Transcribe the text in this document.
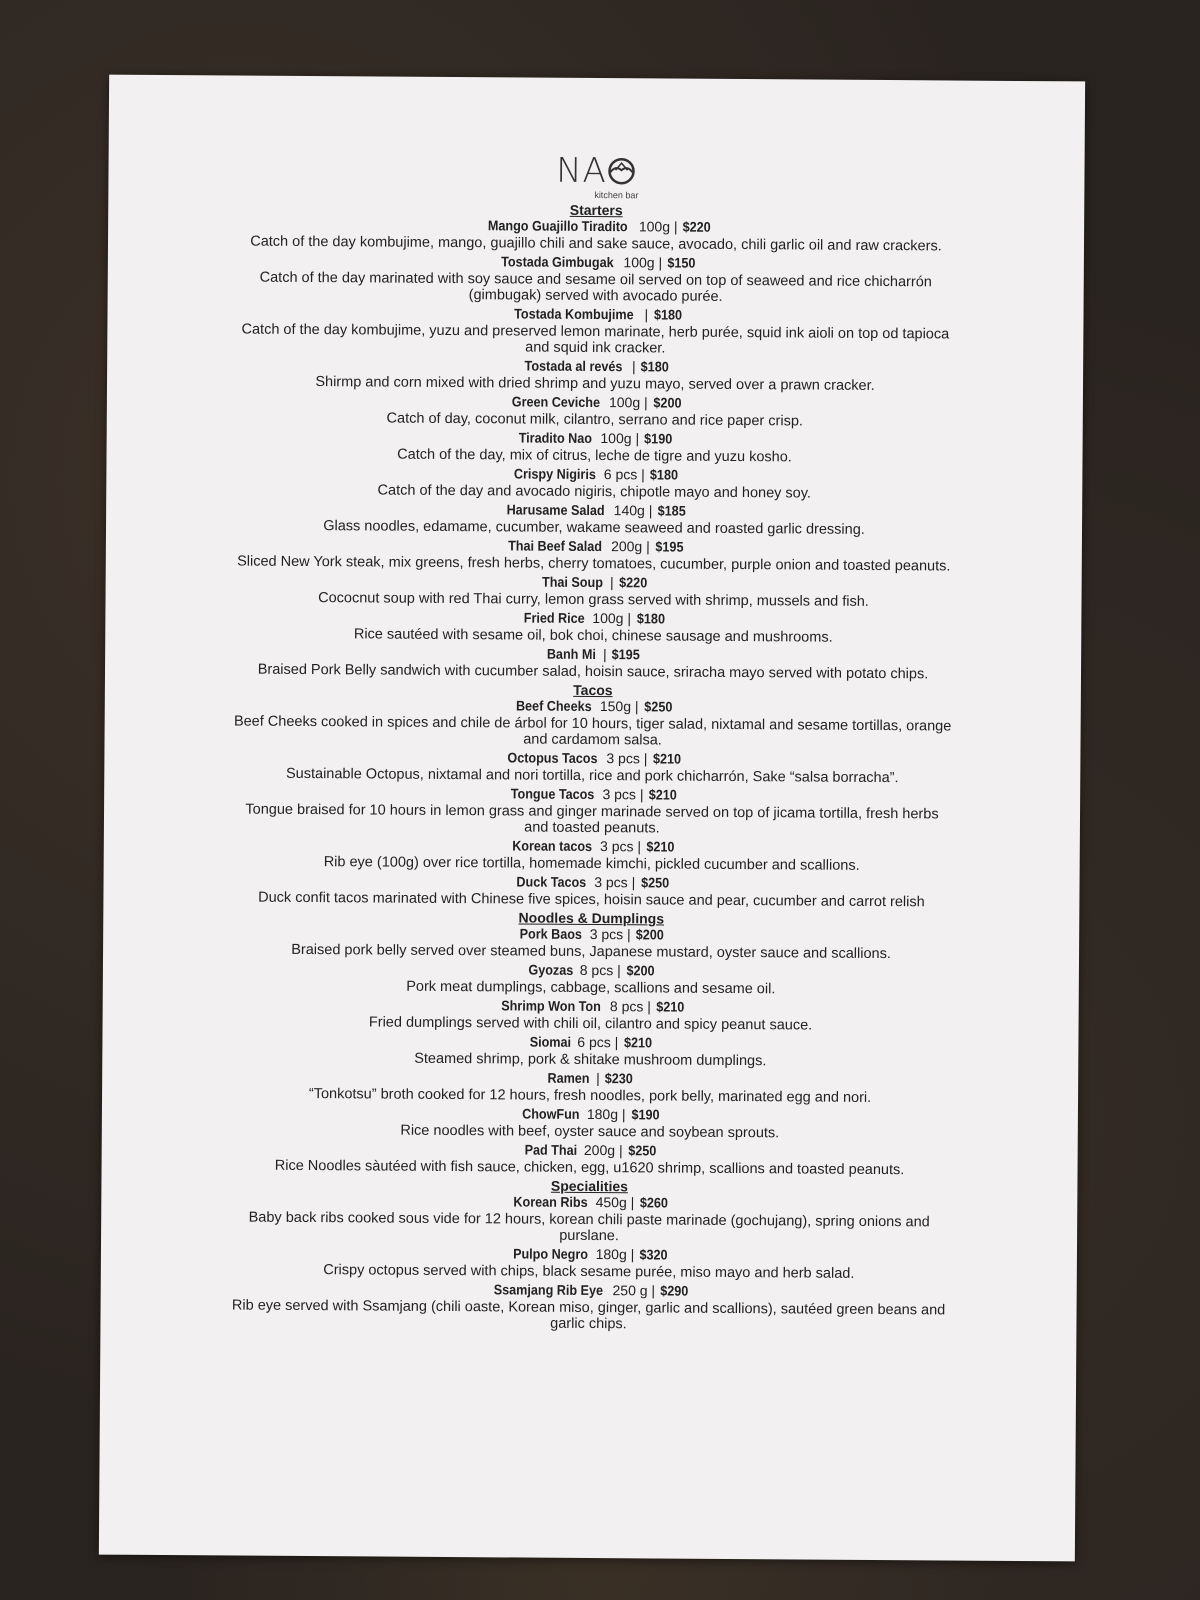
NA
kitchen bar
Starters
Mango Guajillo Tiradito 100g | $220
Catch of the day kombujime, mango, guajillo chili and sake sauce, avocado, chili garlic oil and raw crackers.
Tostada Gimbugak 100g | $150
Catch of the day marinated with soy sauce and sesame oil served on top of seaweed and rice chicharrón (gimbugak) served with avocado purée.
Tostada Kombujime | $180
Catch of the day kombujime, yuzu and preserved lemon marinate, herb purée, squid ink aioli on top od tapioca and squid ink cracker.
Tostada al revés | $180
Shirmp and corn mixed with dried shrimp and yuzu mayo, served over a prawn cracker.
Green Ceviche 100g | $200
Catch of day, coconut milk, cilantro, serrano and rice paper crisp.
Tiradito Nao 100g | $190
Catch of the day, mix of citrus, leche de tigre and yuzu kosho.
Crispy Nigiris 6 pcs | $180
Catch of the day and avocado nigiris, chipotle mayo and honey soy.
Harusame Salad 140g | $185
Glass noodles, edamame, cucumber, wakame seaweed and roasted garlic dressing.
Thai Beef Salad 200g | $195
Sliced New York steak, mix greens, fresh herbs, cherry tomatoes, cucumber, purple onion and toasted peanuts.
Thai Soup | $220
Cococnut soup with red Thai curry, lemon grass served with shrimp, mussels and fish.
Fried Rice 100g | $180
Rice sautéed with sesame oil, bok choi, chinese sausage and mushrooms.
Banh Mi | $195
Braised Pork Belly sandwich with cucumber salad, hoisin sauce, sriracha mayo served with potato chips.
Tacos
Beef Cheeks 150g | $250
Beef Cheeks cooked in spices and chile de árbol for 10 hours, tiger salad, nixtamal and sesame tortillas, orange and cardamom salsa.
Octopus Tacos 3 pcs | $210
Sustainable Octopus, nixtamal and nori tortilla, rice and pork chicharrón, Sake “salsa borracha”.
Tongue Tacos 3 pcs | $210
Tongue braised for 10 hours in lemon grass and ginger marinade served on top of jicama tortilla, fresh herbs and toasted peanuts.
Korean tacos 3 pcs | $210
Rib eye (100g) over rice tortilla, homemade kimchi, pickled cucumber and scallions.
Duck Tacos 3 pcs | $250
Duck confit tacos marinated with Chinese five spices, hoisin sauce and pear, cucumber and carrot relish
Noodles & Dumplings
Pork Baos 3 pcs | $200
Braised pork belly served over steamed buns, Japanese mustard, oyster sauce and scallions.
Gyozas 8 pcs | $200
Pork meat dumplings, cabbage, scallions and sesame oil.
Shrimp Won Ton 8 pcs | $210
Fried dumplings served with chili oil, cilantro and spicy peanut sauce.
Siomai 6 pcs | $210
Steamed shrimp, pork & shitake mushroom dumplings.
Ramen | $230
“Tonkotsu” broth cooked for 12 hours, fresh noodles, pork belly, marinated egg and nori.
ChowFun 180g | $190
Rice noodles with beef, oyster sauce and soybean sprouts.
Pad Thai 200g | $250
Rice Noodles sàutéed with fish sauce, chicken, egg, u1620 shrimp, scallions and toasted peanuts.
Specialities
Korean Ribs 450g | $260
Baby back ribs cooked sous vide for 12 hours, korean chili paste marinade (gochujang), spring onions and purslane.
Pulpo Negro 180g | $320
Crispy octopus served with chips, black sesame purée, miso mayo and herb salad.
Ssamjang Rib Eye 250 g | $290
Rib eye served with Ssamjang (chili oaste, Korean miso, ginger, garlic and scallions), sautéed green beans and garlic chips.
